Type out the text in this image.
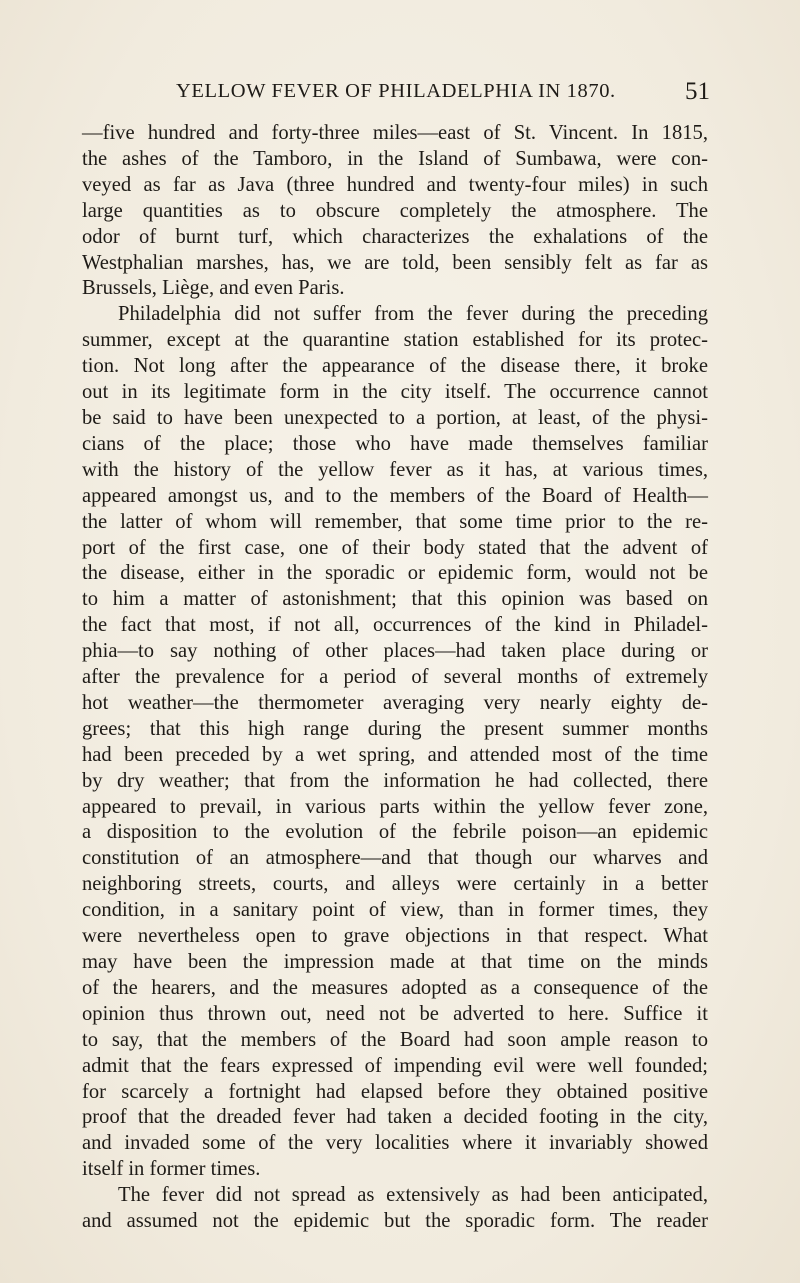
YELLOW FEVER OF PHILADELPHIA IN 1870.	51
—five hundred and forty-three miles—east of St. Vincent. In 1815,
the ashes of the Tamboro, in the Island of Sumbawa, were con-
veyed as far as Java (three hundred and twenty-four miles) in such
large quantities as to obscure completely the atmosphere. The
odor of burnt turf, which characterizes the exhalations of the
Westphalian marshes, has, we are told, been sensibly felt as far as
Brussels, Liège, and even Paris.
Philadelphia did not suffer from the fever during the preceding
summer, except at the quarantine station established for its protec-
tion. Not long after the appearance of the disease there, it broke
out in its legitimate form in the city itself. The occurrence cannot
be said to have been unexpected to a portion, at least, of the physi-
cians of the place; those who have made themselves familiar
with the history of the yellow fever as it has, at various times,
appeared amongst us, and to the members of the Board of Health—
the latter of whom will remember, that some time prior to the re-
port of the first case, one of their body stated that the advent of
the disease, either in the sporadic or epidemic form, would not be
to him a matter of astonishment; that this opinion was based on
the fact that most, if not all, occurrences of the kind in Philadel-
phia—to say nothing of other places—had taken place during or
after the prevalence for a period of several months of extremely
hot weather—the thermometer averaging very nearly eighty de-
grees; that this high range during the present summer months
had been preceded by a wet spring, and attended most of the time
by dry weather; that from the information he had collected, there
appeared to prevail, in various parts within the yellow fever zone,
a disposition to the evolution of the febrile poison—an epidemic
constitution of an atmosphere—and that though our wharves and
neighboring streets, courts, and alleys were certainly in a better
condition, in a sanitary point of view, than in former times, they
were nevertheless open to grave objections in that respect. What
may have been the impression made at that time on the minds
of the hearers, and the measures adopted as a consequence of the
opinion thus thrown out, need not be adverted to here. Suffice it
to say, that the members of the Board had soon ample reason to
admit that the fears expressed of impending evil were well founded;
for scarcely a fortnight had elapsed before they obtained positive
proof that the dreaded fever had taken a decided footing in the city,
and invaded some of the very localities where it invariably showed
itself in former times.
The fever did not spread as extensively as had been anticipated,
and assumed not the epidemic but the sporadic form. The reader
